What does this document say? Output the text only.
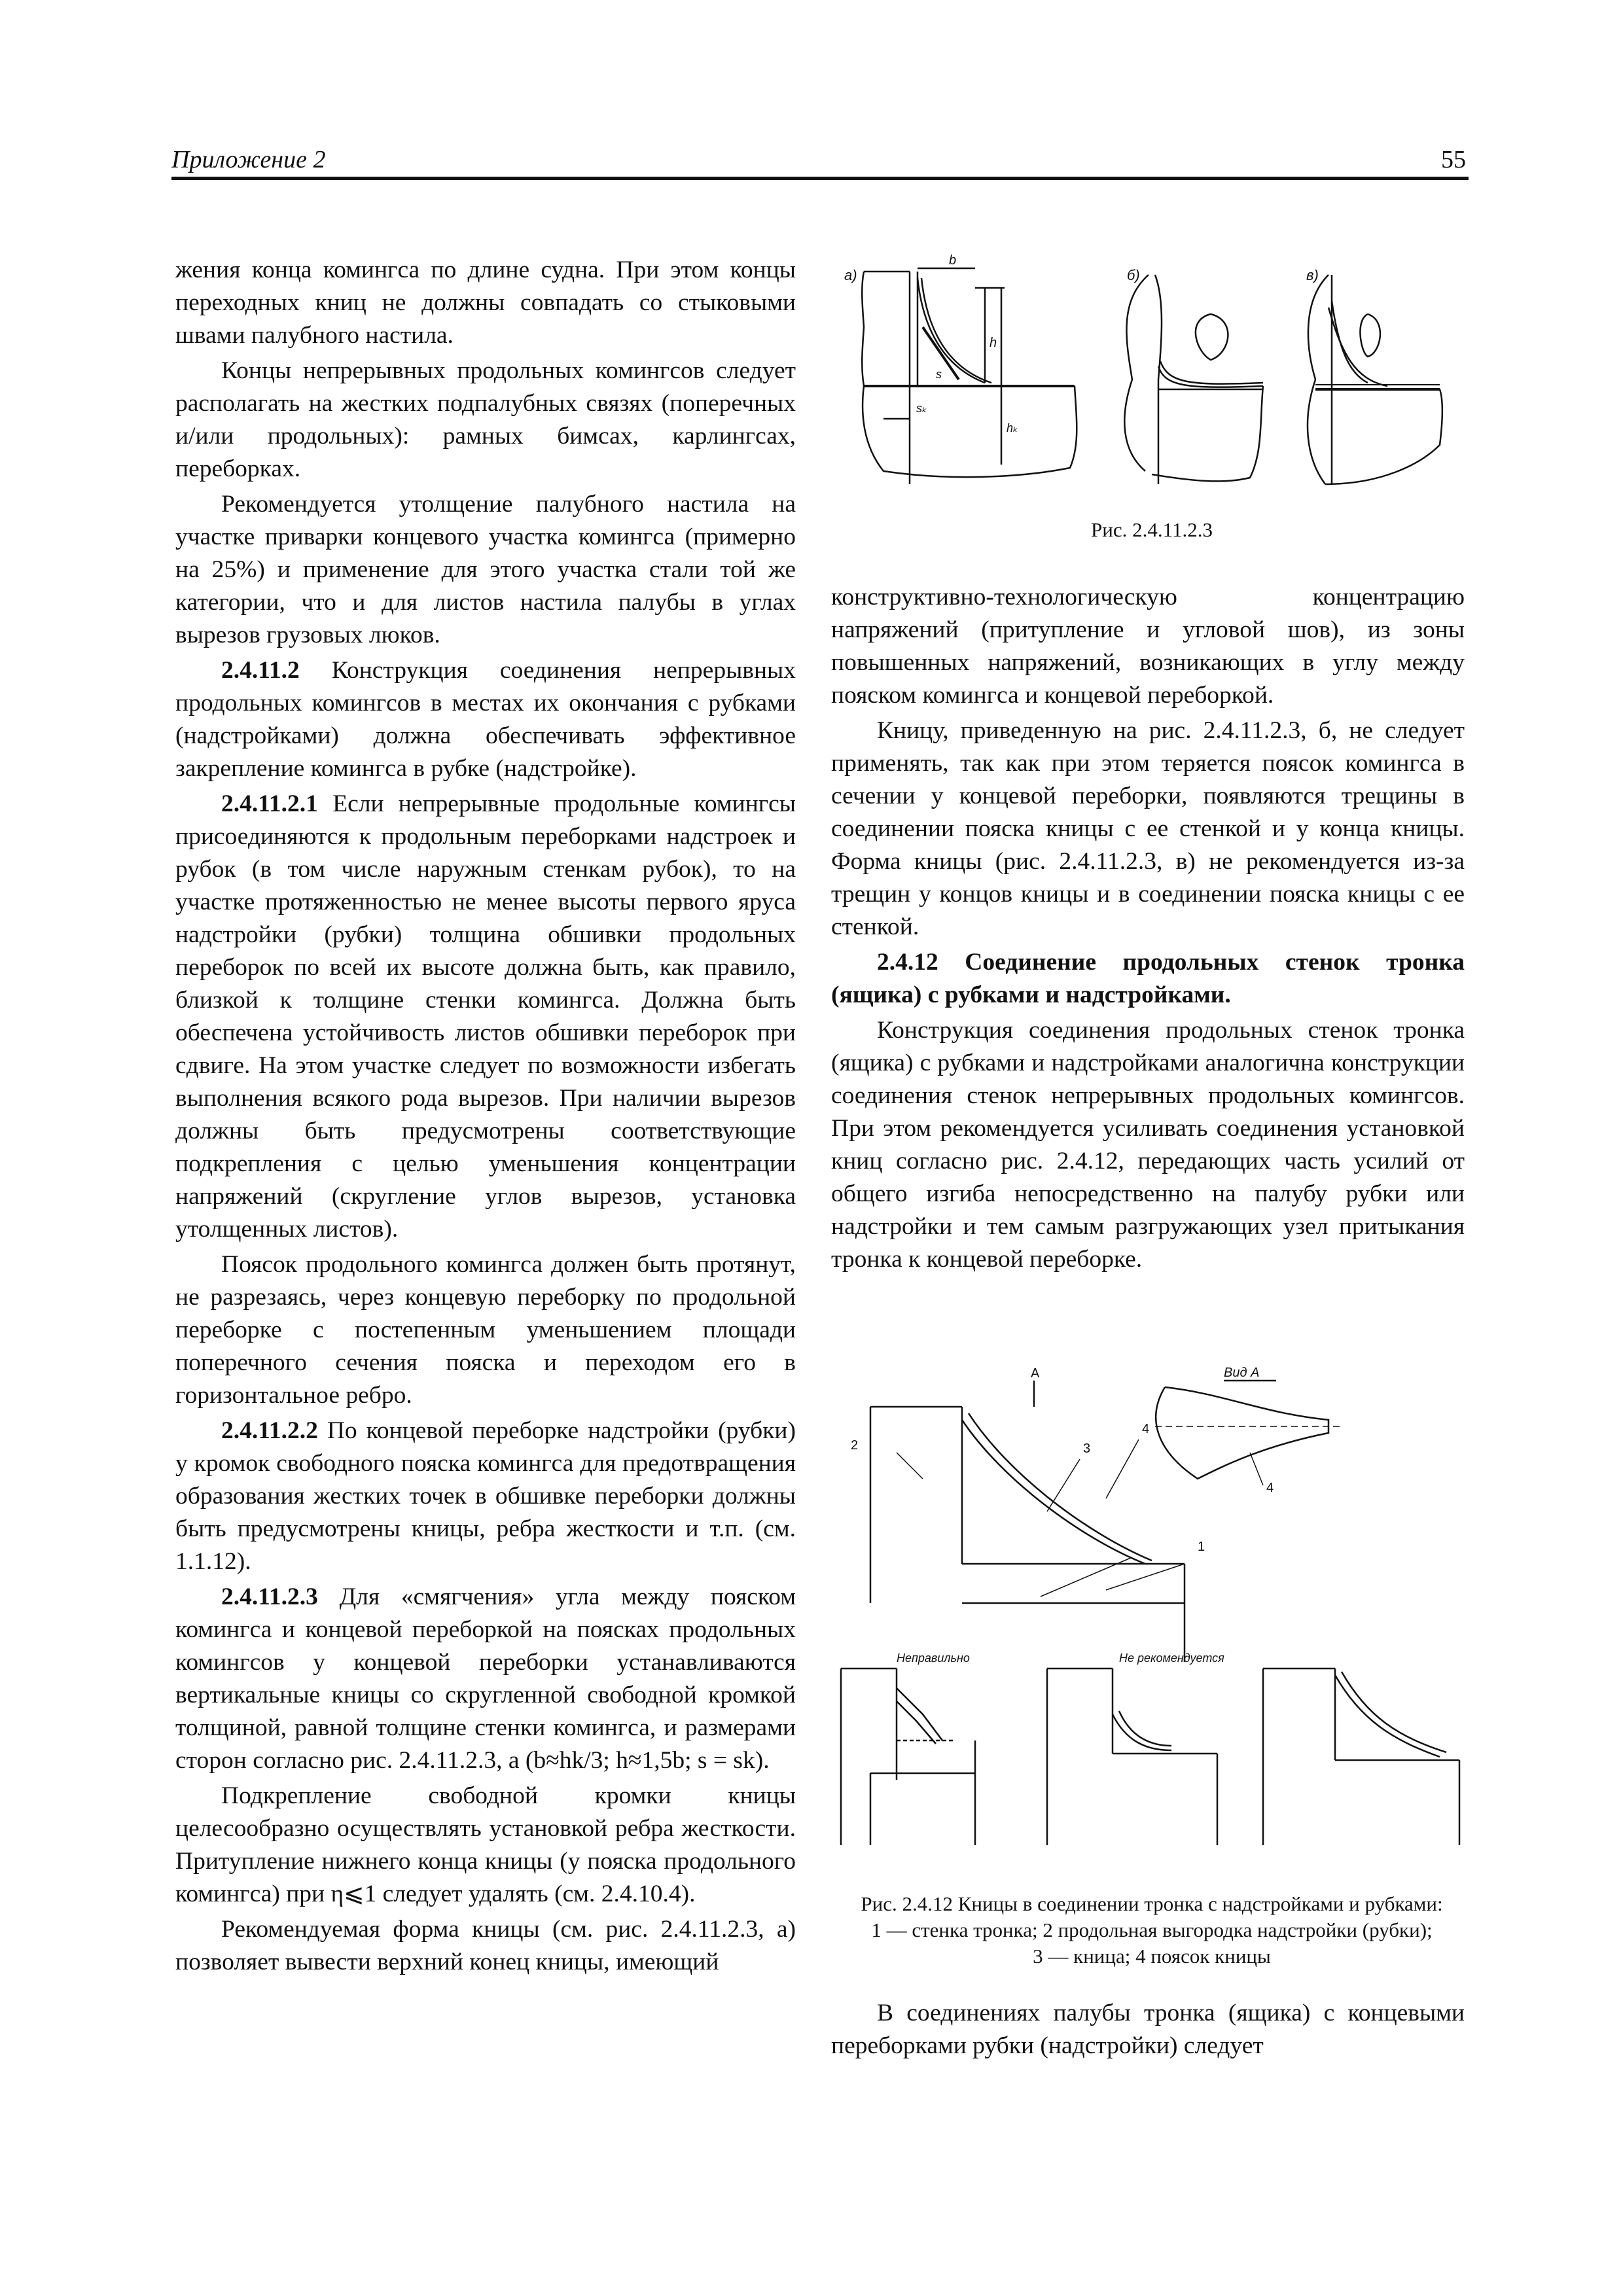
Приложение 2	55

жения конца комингса по длине судна. При этом концы переходных книц не должны совпадать со стыковыми швами палубного настила.

Концы непрерывных продольных комингсов следует располагать на жестких подпалубных связях (поперечных и/или продольных): рамных бимсах, карлингсах, переборках.

Рекомендуется утолщение палубного настила на участке приварки концевого участка комингса (примерно на 25%) и применение для этого участка стали той же категории, что и для листов настила палубы в углах вырезов грузовых люков.

2.4.11.2 Конструкция соединения непрерывных продольных комингсов в местах их окончания с рубками (надстройками) должна обеспечивать эффективное закрепление комингса в рубке (надстройке).

2.4.11.2.1 Если непрерывные продольные комингсы присоединяются к продольным переборками надстроек и рубок (в том числе наружным стенкам рубок), то на участке протяженностью не менее высоты первого яруса надстройки (рубки) толщина обшивки продольных переборок по всей их высоте должна быть, как правило, близкой к толщине стенки комингса. Должна быть обеспечена устойчивость листов обшивки переборок при сдвиге. На этом участке следует по возможности избегать выполнения всякого рода вырезов. При наличии вырезов должны быть предусмотрены соответствующие подкрепления с целью уменьшения концентрации напряжений (скругление углов вырезов, установка утолщенных листов).

Поясок продольного комингса должен быть протянут, не разрезаясь, через концевую переборку по продольной переборке с постепенным уменьшением площади поперечного сечения пояска и переходом его в горизонтальное ребро.

2.4.11.2.2 По концевой переборке надстройки (рубки) у кромок свободного пояска комингса для предотвращения образования жестких точек в обшивке переборки должны быть предусмотрены кницы, ребра жесткости и т.п. (см. 1.1.12).

2.4.11.2.3 Для «смягчения» угла между пояском комингса и концевой переборкой на поясках продольных комингсов у концевой переборки устанавливаются вертикальные кницы со скругленной свободной кромкой толщиной, равной толщине стенки комингса, и размерами сторон согласно рис. 2.4.11.2.3, а (b≈hk/3; h≈1,5b; s = sk).

Подкрепление свободной кромки кницы целесообразно осуществлять установкой ребра жесткости. Притупление нижнего конца кницы (у пояска продольного комингса) при η⩽1 следует удалять (см. 2.4.10.4).

Рекомендуемая форма кницы (см. рис. 2.4.11.2.3, а) позволяет вывести верхний конец кницы, имеющий

а)	б)	в)
b
h
s
sₖ
hₖ
Рис. 2.4.11.2.3

конструктивно-технологическую концентрацию напряжений (притупление и угловой шов), из зоны повышенных напряжений, возникающих в углу между пояском комингса и концевой переборкой.

Кницу, приведенную на рис. 2.4.11.2.3, б, не следует применять, так как при этом теряется поясок комингса в сечении у концевой переборки, появляются трещины в соединении пояска кницы с ее стенкой и у конца кницы. Форма кницы (рис. 2.4.11.2.3, в) не рекомендуется из-за трещин у концов кницы и в соединении пояска кницы с ее стенкой.

2.4.12 Соединение продольных стенок тронка (ящика) с рубками и надстройками.

Конструкция соединения продольных стенок тронка (ящика) с рубками и надстройками аналогична конструкции соединения стенок непрерывных продольных комингсов. При этом рекомендуется усиливать соединения установкой книц согласно рис. 2.4.12, передающих часть усилий от общего изгиба непосредственно на палубу рубки или надстройки и тем самым разгружающих узел притыкания тронка к концевой переборке.

А	Вид А
Неправильно	Не рекомендуется
2	3
4
1
4
Рис. 2.4.12 Кницы в соединении тронка с надстройками и рубками:
1 — стенка тронка; 2 продольная выгородка надстройки (рубки);
3 — кница; 4 поясок кницы

В соединениях палубы тронка (ящика) с концевыми переборками рубки (надстройки) следует
